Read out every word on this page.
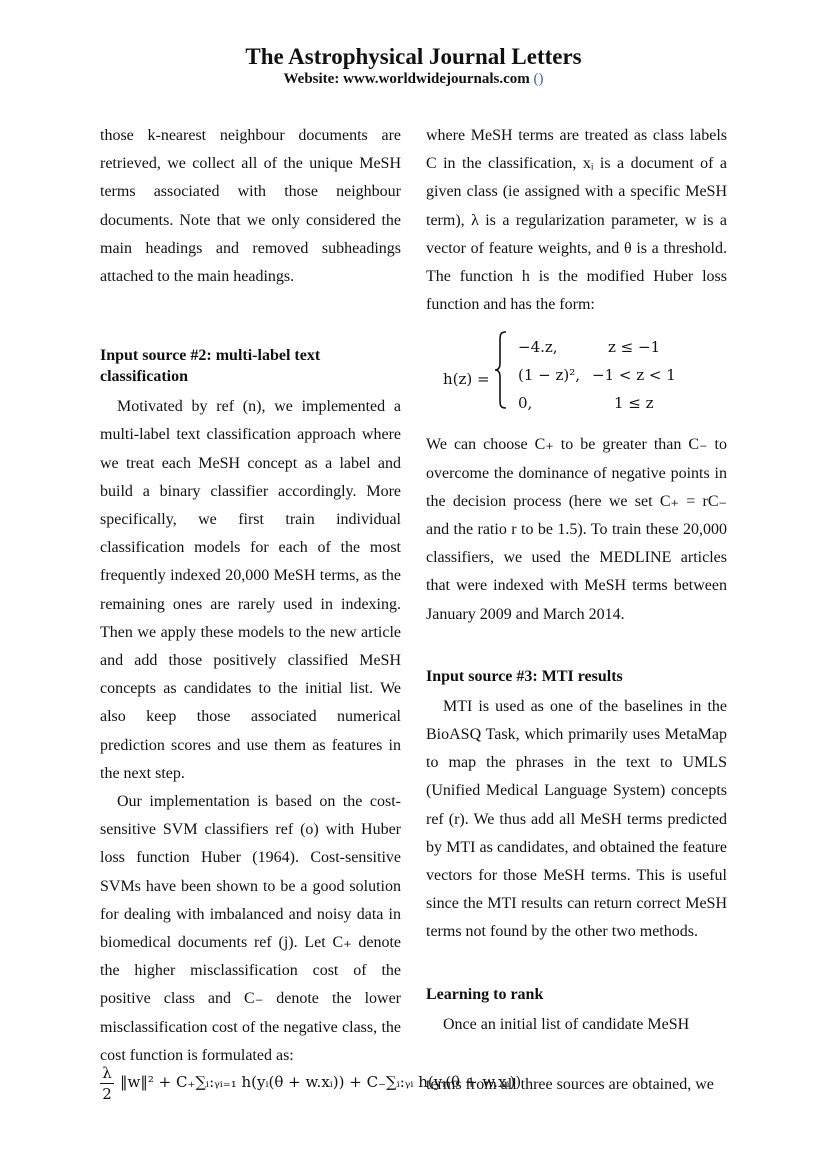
The Astrophysical Journal Letters
Website: www.worldwidejournals.com ()

those k-nearest neighbour documents are retrieved, we collect all of the unique MeSH terms associated with those neighbour documents. Note that we only considered the main headings and removed subheadings attached to the main headings.

Input source #2: multi-label text classification

Motivated by ref (n), we implemented a multi-label text classification approach where we treat each MeSH concept as a label and build a binary classifier accordingly. More specifically, we first train individual classification models for each of the most frequently indexed 20,000 MeSH terms, as the remaining ones are rarely used in indexing. Then we apply these models to the new article and add those positively classified MeSH concepts as candidates to the initial list. We also keep those associated numerical prediction scores and use them as features in the next step.

Our implementation is based on the cost-sensitive SVM classifiers ref (o) with Huber loss function Huber (1964). Cost-sensitive SVMs have been shown to be a good solution for dealing with imbalanced and noisy data in biomedical documents ref (j). Let C₊ denote the higher misclassification cost of the positive class and C₋ denote the lower misclassification cost of the negative class, the cost function is formulated as:

where MeSH terms are treated as class labels C in the classification, xᵢ is a document of a given class (ie assigned with a specific MeSH term), λ is a regularization parameter, w is a vector of feature weights, and θ is a threshold. The function h is the modified Huber loss function and has the form:

h(z) =
−4.z,	z ≤ −1
(1 − z)², −1 < z < 1
0,	1 ≤ z

We can choose C₊ to be greater than C₋ to overcome the dominance of negative points in the decision process (here we set C₊ = rC₋ and the ratio r to be 1.5). To train these 20,000 classifiers, we used the MEDLINE articles that were indexed with MeSH terms between January 2009 and March 2014.

Input source #3: MTI results

MTI is used as one of the baselines in the BioASQ Task, which primarily uses MetaMap to map the phrases in the text to UMLS (Unified Medical Language System) concepts ref (r). We thus add all MeSH terms predicted by MTI as candidates, and obtained the feature vectors for those MeSH terms. This is useful since the MTI results can return correct MeSH terms not found by the other two methods.

Learning to rank

Once an initial list of candidate MeSH

λ
2
‖w‖² + C₊∑ᵢ:ᵧᵢ₌₁ h(yᵢ(θ + w.xᵢ)) + C₋∑ᵢ:ᵧᵢ h(yᵢ(θ + w.xᵢ))
terms from all three sources are obtained, we
